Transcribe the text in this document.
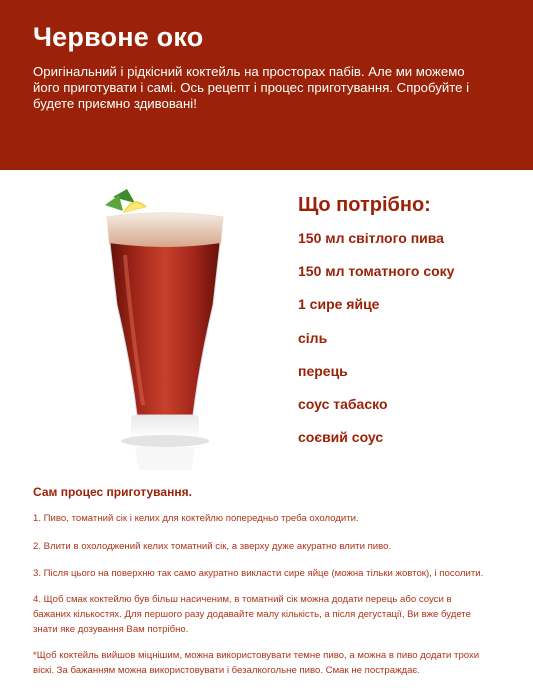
Червоне око
Оригінальний і рідкісний коктейль на просторах пабів. Але ми можемо його приготувати і самі. Ось рецепт і процес приготування. Спробуйте і будете приємно здивовані!
Що потрібно:
150 мл світлого пива
150 мл томатного соку
1 сире яйце
сіль
перець
соус табаско
соєвий соус
Сам процес приготування.
1. Пиво, томатний сік і келих для коктейлю попередньо треба охолодити.
2. Влити в охолоджений келих томатний сік, а зверху дуже акуратно влити пиво.
3. Після цього на поверхню так само акуратно викласти сире яйце (можна тільки жовток), і посолити.
4. Щоб смак коктейлю був більш насиченим, в томатний сік можна додати перець або соуси в бажаних кількостях. Для першого разу додавайте малу кількість, а після дегустації, Ви вже будете знати яке дозування Вам потрібно.
*Щоб коктейль вийшов міцнішим, можна використовувати темне пиво, а можна в пиво додати трохи віскі. За бажанням можна використовувати і безалкогольне пиво. Смак не постраждає.
